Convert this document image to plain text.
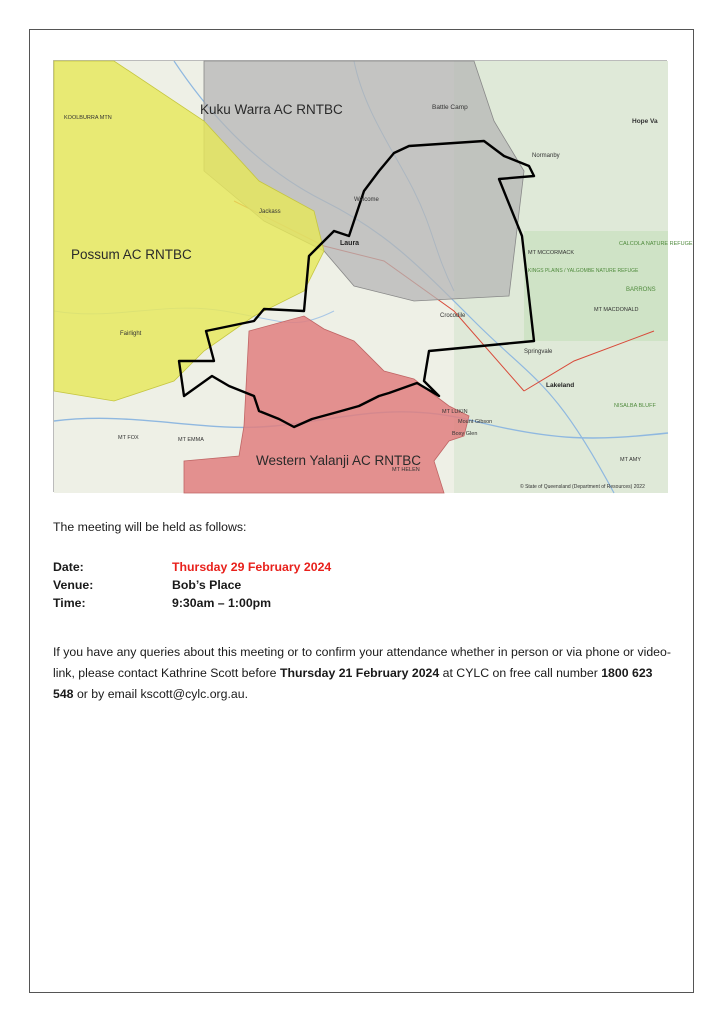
Battle Camp
Hope Va
Normanby
Laura
Welcome
Jackass
Crocodile
Springvale
Lakeland
MT LUKIN
Mount Gibson
Boxy Glen
MT MCCORMACK
KINGS PLAINS / YALGOMBE NATURE REFUGE
MT MACDONALD
KOOLBURRA MTN
Fairlight
MT FOX	MT EMMA
MT HELEN
MT AMY
CALCOLA NATURE REFUGE
BARRONS
NISALBA BLUFF
Kuku Warra AC RNTBC
Possum AC RNTBC
Western Yalanji AC RNTBC
© State of Queensland (Department of Resources) 2022

The meeting will be held as follows:

Date:	Thursday 29 February 2024
Venue:	Bob’s Place
Time:	9:30am – 1:00pm

If you have any queries about this meeting or to confirm your attendance whether in person or via phone or video-link, please contact Kathrine Scott before Thursday 21 February 2024 at CYLC on free call number 1800 623 548 or by email kscott@cylc.org.au.
